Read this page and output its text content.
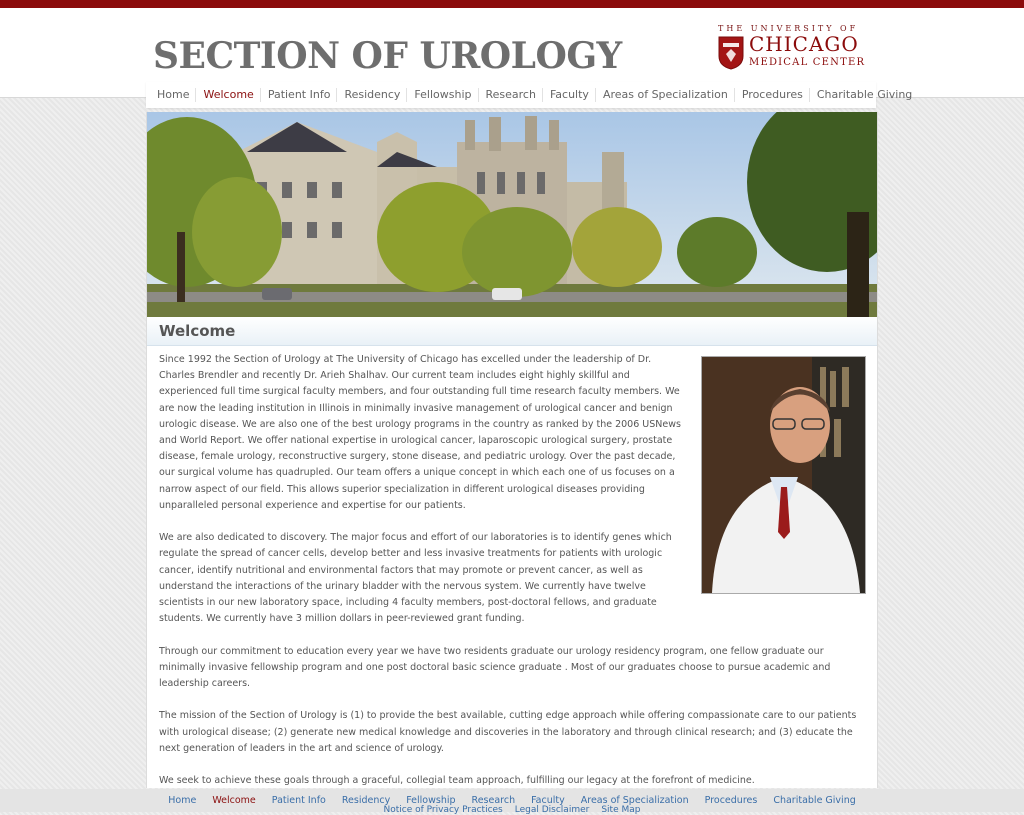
SECTION OF UROLOGY
THE UNIVERSITY OF
CHICAGO
MEDICAL CENTER
Home	Welcome	Patient Info	Residency	Fellowship	Research	Faculty	Areas of Specialization	Procedures	Charitable Giving
Welcome

Since 1992 the Section of Urology at The University of Chicago has excelled under the leadership of Dr. Charles Brendler and recently Dr. Arieh Shalhav. Our current team includes eight highly skillful and experienced full time surgical faculty members, and four outstanding full time research faculty members. We are now the leading institution in Illinois in minimally invasive management of urological cancer and benign urologic disease. We are also one of the best urology programs in the country as ranked by the 2006 USNews and World Report. We offer national expertise in urological cancer, laparoscopic urological surgery, prostate disease, female urology, reconstructive surgery, stone disease, and pediatric urology. Over the past decade, our surgical volume has quadrupled. Our team offers a unique concept in which each one of us focuses on a narrow aspect of our field. This allows superior specialization in different urological diseases providing unparalleled personal experience and expertise for our patients.

We are also dedicated to discovery. The major focus and effort of our laboratories is to identify genes which regulate the spread of cancer cells, develop better and less invasive treatments for patients with urologic cancer, identify nutritional and environmental factors that may promote or prevent cancer, as well as understand the interactions of the urinary bladder with the nervous system. We currently have twelve scientists in our new laboratory space, including 4 faculty members, post-doctoral fellows, and graduate students. We currently have 3 million dollars in peer-reviewed grant funding.

Through our commitment to education every year we have two residents graduate our urology residency program, one fellow graduate our minimally invasive fellowship program and one post doctoral basic science graduate . Most of our graduates choose to pursue academic and leadership careers.

The mission of the Section of Urology is (1) to provide the best available, cutting edge approach while offering compassionate care to our patients with urological disease; (2) generate new medical knowledge and discoveries in the laboratory and through clinical research; and (3) educate the next generation of leaders in the art and science of urology.

We seek to achieve these goals through a graceful, collegial team approach, fulfilling our legacy at the forefront of medicine.

Home	Welcome	Patient Info	Residency	Fellowship	Research	Faculty	Areas of Specialization	Procedures	Charitable Giving
Notice of Privacy Practices	Legal Disclaimer	Site Map
